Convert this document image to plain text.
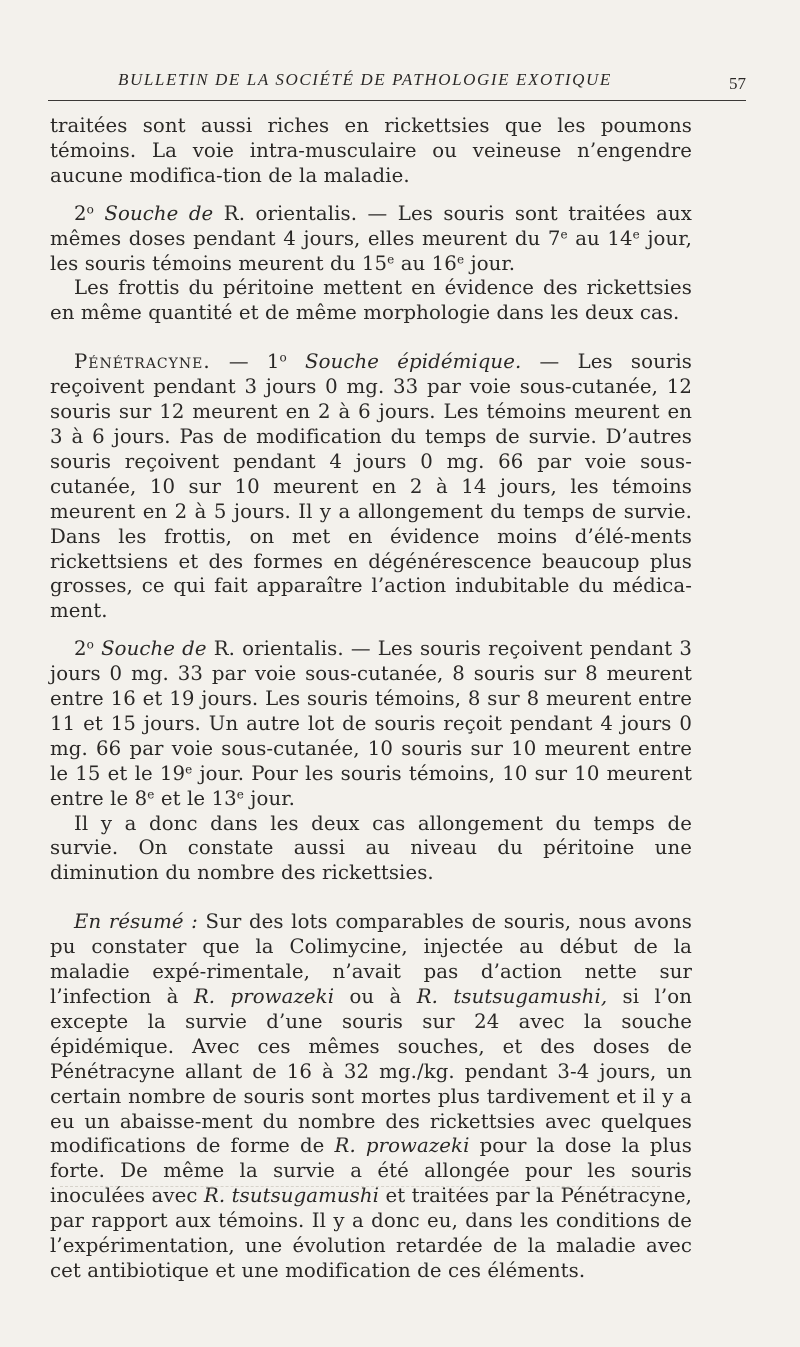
BULLETIN DE LA SOCIÉTÉ DE PATHOLOGIE EXOTIQUE	57

traitées sont aussi riches en rickettsies que les poumons témoins. La voie intra-musculaire ou veineuse n’engendre aucune modifica-tion de la maladie.

2$^o$ Souche de R. orientalis. — Les souris sont traitées aux mêmes doses pendant 4 jours, elles meurent du 7e au 14e jour, les souris témoins meurent du 15e au 16e jour.

Les frottis du péritoine mettent en évidence des rickettsies en même quantité et de même morphologie dans les deux cas.

Pénétracyne. — 1$^o$ Souche épidémique. — Les souris reçoivent pendant 3 jours 0 mg. 33 par voie sous-cutanée, 12 souris sur 12 meurent en 2 à 6 jours. Les témoins meurent en 3 à 6 jours. Pas de modification du temps de survie. D’autres souris reçoivent pendant 4 jours 0 mg. 66 par voie sous-cutanée, 10 sur 10 meurent en 2 à 14 jours, les témoins meurent en 2 à 5 jours. Il y a allongement du temps de survie. Dans les frottis, on met en évidence moins d’élé-ments rickettsiens et des formes en dégénérescence beaucoup plus grosses, ce qui fait apparaître l’action indubitable du médica-ment.

2$^o$ Souche de R. orientalis. — Les souris reçoivent pendant 3 jours 0 mg. 33 par voie sous-cutanée, 8 souris sur 8 meurent entre 16 et 19 jours. Les souris témoins, 8 sur 8 meurent entre 11 et 15 jours. Un autre lot de souris reçoit pendant 4 jours 0 mg. 66 par voie sous-cutanée, 10 souris sur 10 meurent entre le 15 et le 19e jour. Pour les souris témoins, 10 sur 10 meurent entre le 8e et le 13e jour.

Il y a donc dans les deux cas allongement du temps de survie. On constate aussi au niveau du péritoine une diminution du nombre des rickettsies.

En résumé : Sur des lots comparables de souris, nous avons pu constater que la Colimycine, injectée au début de la maladie expé-rimentale, n’avait pas d’action nette sur l’infection à R. prowazeki ou à R. tsutsugamushi, si l’on excepte la survie d’une souris sur 24 avec la souche épidémique. Avec ces mêmes souches, et des doses de Pénétracyne allant de 16 à 32 mg./kg. pendant 3-4 jours, un certain nombre de souris sont mortes plus tardivement et il y a eu un abaisse-ment du nombre des rickettsies avec quelques modifications de forme de R. prowazeki pour la dose la plus forte. De même la survie a été allongée pour les souris inoculées avec R. tsutsugamushi et traitées par la Pénétracyne, par rapport aux témoins. Il y a donc eu, dans les conditions de l’expérimentation, une évolution retardée de la maladie avec cet antibiotique et une modification de ces éléments.
